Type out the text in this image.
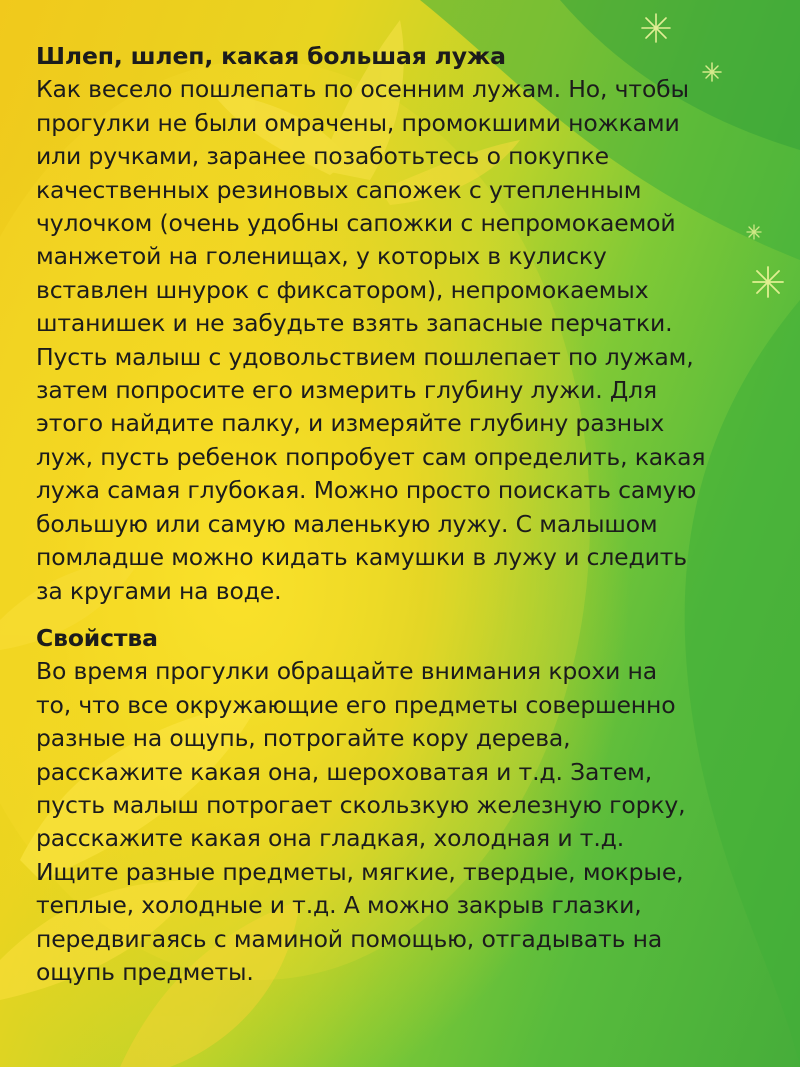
Шлеп, шлеп, какая большая лужа
Как весело пошлепать по осенним лужам. Но, чтобы
прогулки не были омрачены, промокшими ножками
или ручками, заранее позаботьтесь о покупке
качественных резиновых сапожек с утепленным
чулочком (очень удобны сапожки с непромокаемой
манжетой на голенищах, у которых в кулиску
вставлен шнурок с фиксатором), непромокаемых
штанишек и не забудьте взять запасные перчатки.
Пусть малыш с удовольствием пошлепает по лужам,
затем попросите его измерить глубину лужи. Для
этого найдите палку, и измеряйте глубину разных
луж, пусть ребенок попробует сам определить, какая
лужа самая глубокая. Можно просто поискать самую
большую или самую маленькую лужу. С малышом
помладше можно кидать камушки в лужу и следить
за кругами на воде.

Свойства
Во время прогулки обращайте внимания крохи на
то, что все окружающие его предметы совершенно
разные на ощупь, потрогайте кору дерева,
расскажите какая она, шероховатая и т.д. Затем,
пусть малыш потрогает скользкую железную горку,
расскажите какая она гладкая, холодная и т.д.
Ищите разные предметы, мягкие, твердые, мокрые,
теплые, холодные и т.д. А можно закрыв глазки,
передвигаясь с маминой помощью, отгадывать на
ощупь предметы.
